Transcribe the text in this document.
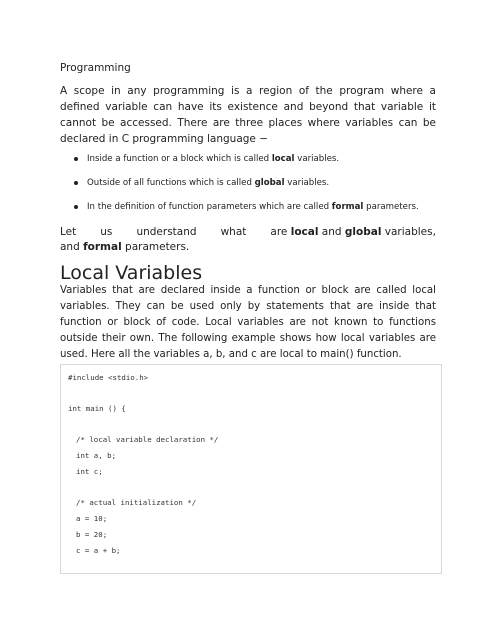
Programming

A scope in any programming is a region of the program where a defined variable can have its existence and beyond that variable it cannot be accessed. There are three places where variables can be declared in C programming language −

Inside a function or a block which is called local variables.
Outside of all functions which is called global variables.
In the definition of function parameters which are called formal parameters.
Let us understand what are local and global variables,
and formal parameters.
Local Variables

Variables that are declared inside a function or block are called local variables. They can be used only by statements that are inside that function or block of code. Local variables are not known to functions outside their own. The following example shows how local variables are used. Here all the variables a, b, and c are local to main() function.

#include <stdio.h>
int main () {
/* local variable declaration */
int a, b;
int c;
/* actual initialization */
a = 10;
b = 20;
c = a + b;
